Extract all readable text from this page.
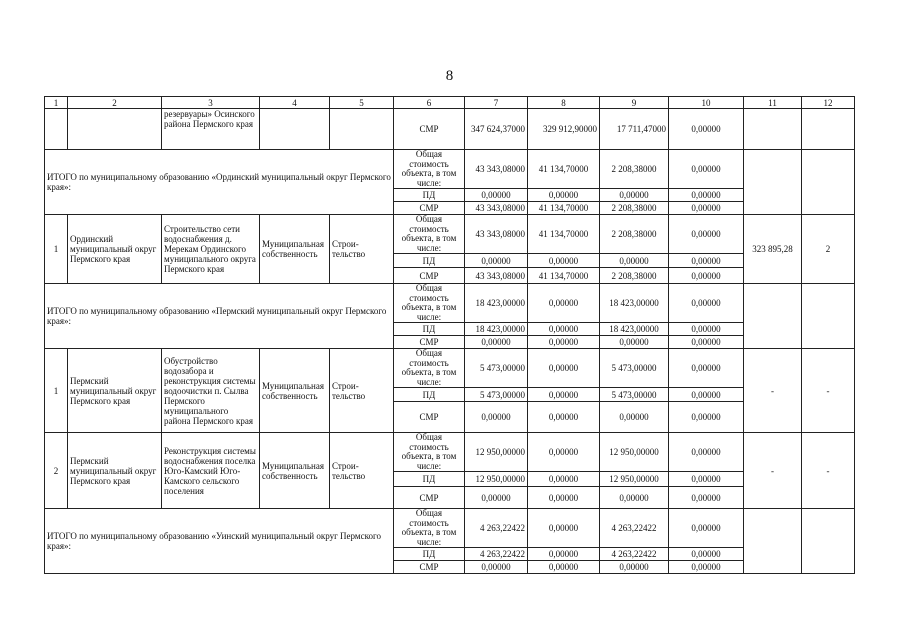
8
1	2	3	4	5	6	7	8	9	10	11	12
		резервуары» Осинского района Пермского края			СМР	347 624,37000	329 912,90000	17 711,47000	0,00000		
ИТОГО по муниципальному образованию «Ординский муниципальный округ Пермского края»:					Общая стоимость объекта, в том числе:	43 343,08000	41 134,70000	2 208,38000	0,00000		
					ПД	0,00000	0,00000	0,00000	0,00000		
					СМР	43 343,08000	41 134,70000	2 208,38000	0,00000		
1	Ординский муниципальный округ Пермского края	Строительство сети водоснабжения д. Мерекам Ординского муниципального округа Пермского края	Муниципальная собственность	Строи-тельство	Общая стоимость объекта, в том числе:	43 343,08000	41 134,70000	2 208,38000	0,00000	323 895,28	2
					ПД	0,00000	0,00000	0,00000	0,00000		
					СМР	43 343,08000	41 134,70000	2 208,38000	0,00000		
ИТОГО по муниципальному образованию «Пермский муниципальный округ Пермского края»:					Общая стоимость объекта, в том числе:	18 423,00000	0,00000	18 423,00000	0,00000		
					ПД	18 423,00000	0,00000	18 423,00000	0,00000		
					СМР	0,00000	0,00000	0,00000	0,00000		
1	Пермский муниципальный округ Пермского края	Обустройство водозабора и реконструкция системы водоочистки п. Сылва Пермского муниципального района Пермского края	Муниципальная собственность	Строи-тельство	Общая стоимость объекта, в том числе:	5 473,00000	0,00000	5 473,00000	0,00000	-	-
					ПД	5 473,00000	0,00000	5 473,00000	0,00000		
					СМР	0,00000	0,00000	0,00000	0,00000		
2	Пермский муниципальный округ Пермского края	Реконструкция системы водоснабжения поселка Юго-Камский Юго-Камского сельского поселения	Муниципальная собственность	Строи-тельство	Общая стоимость объекта, в том числе:	12 950,00000	0,00000	12 950,00000	0,00000	-	-
					ПД	12 950,00000	0,00000	12 950,00000	0,00000		
					СМР	0,00000	0,00000	0,00000	0,00000		
ИТОГО по муниципальному образованию «Уинский муниципальный округ Пермского края»:					Общая стоимость объекта, в том числе:	4 263,22422	0,00000	4 263,22422	0,00000		
					ПД	4 263,22422	0,00000	4 263,22422	0,00000		
					СМР	0,00000	0,00000	0,00000	0,00000		
